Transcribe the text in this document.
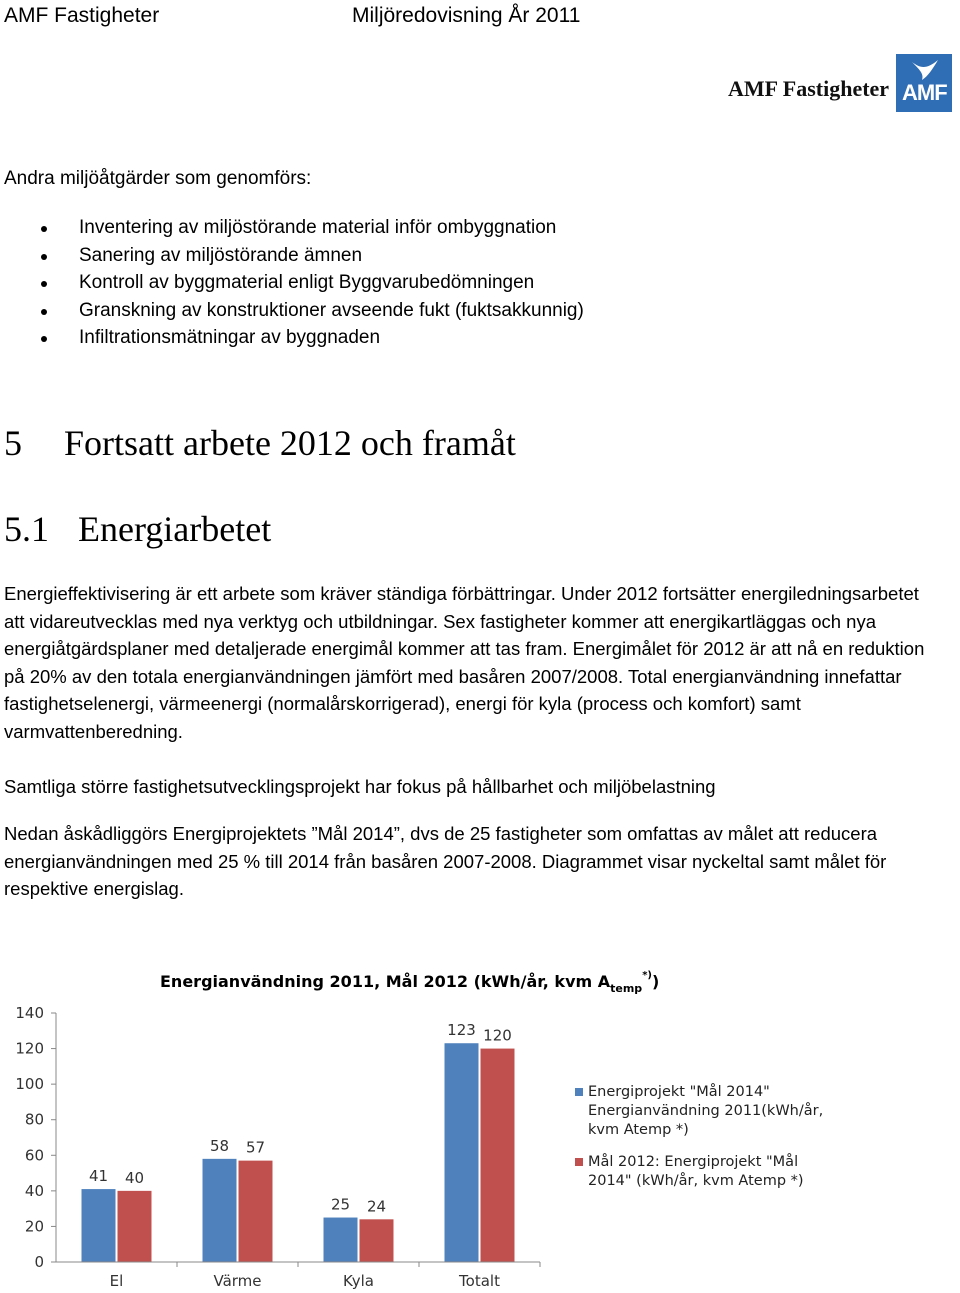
AMF Fastigheter	Miljöredovisning År 2011
AMF Fastigheter AMF
Andra miljöåtgärder som genomförs:
Inventering av miljöstörande material inför ombyggnation
Sanering av miljöstörande ämnen
Kontroll av byggmaterial enligt Byggvarubedömningen
Granskning av konstruktioner avseende fukt (fuktsakkunnig)
Infiltrationsmätningar av byggnaden
5 Fortsatt arbete 2012 och framåt
5.1 Energiarbetet

Energieffektivisering är ett arbete som kräver ständiga förbättringar. Under 2012 fortsätter energiledningsarbetet att vidareutvecklas med nya verktyg och utbildningar. Sex fastigheter kommer att energikartläggas och nya energiåtgärdsplaner med detaljerade energimål kommer att tas fram. Energimålet för 2012 är att nå en reduktion på 20% av den totala energianvändningen jämfört med basåren 2007/2008. Total energianvändning innefattar fastighetselenergi, värmeenergi (normalårskorrigerad), energi för kyla (process och komfort) samt varmvattenberedning.

Samtliga större fastighetsutvecklingsprojekt har fokus på hållbarhet och miljöbelastning

Nedan åskådliggörs Energiprojektets ”Mål 2014”, dvs de 25 fastigheter som omfattas av målet att reducera energianvändningen med 25 % till 2014 från basåren 2007-2008. Diagrammet visar nyckeltal samt målet för respektive energislag.

Energianvändning 2011, Mål 2012 (kWh/år, kvm $A_{temp}^{*)}$)
0
20
40
60
80
100
120
140
41 40
58 57
25 24
123 120
El	Värme	Kyla	Totalt
Energiprojekt "Mål 2014"
Energianvändning 2011(kWh/år,
kvm Atemp *)
Mål 2012: Energiprojekt "Mål
2014" (kWh/år, kvm Atemp *)
